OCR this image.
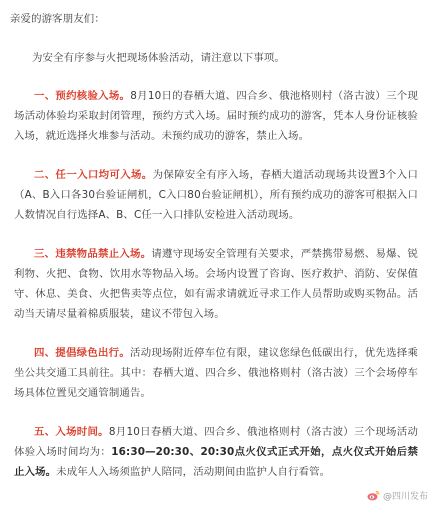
亲爱的游客朋友们：
为安全有序参与火把现场体验活动，请注意以下事项。
一、预约核验入场。8月10日的春栖大道、四合乡、俄池格则村（洛古波）三个现场活动体验均采取封闭管理，预约方式入场。届时预约成功的游客，凭本人身份证核验入场，就近选择火堆参与活动。未预约成功的游客，禁止入场。
二、任一入口均可入场。为保障安全有序入场，春栖大道活动现场共设置3个入口（A、B入口各30台验证闸机，C入口80台验证闸机），所有预约成功的游客可根据入口人数情况自行选择A、B、C任一入口排队安检进入活动现场。
三、违禁物品禁止入场。请遵守现场安全管理有关要求，严禁携带易燃、易爆、锐利物、火把、食物、饮用水等物品入场。会场内设置了咨询、医疗救护、消防、安保值守、休息、美食、火把售卖等点位，如有需求请就近寻求工作人员帮助或购买物品。活动当天请尽量着棉质服装，建议不带包入场。
四、提倡绿色出行。活动现场附近停车位有限，建议您绿色低碳出行，优先选择乘坐公共交通工具前往。其中：春栖大道、四合乡、俄池格则村（洛古波）三个会场停车场具体位置见交通管制通告。
五、入场时间。8月10日春栖大道、四合乡、俄池格则村（洛古波）三个现场活动体验入场时间均为：16:30—20:30、20:30点火仪式正式开始，点火仪式开始后禁止入场。未成年人入场须监护人陪同，活动期间由监护人自行看管。
@四川发布
